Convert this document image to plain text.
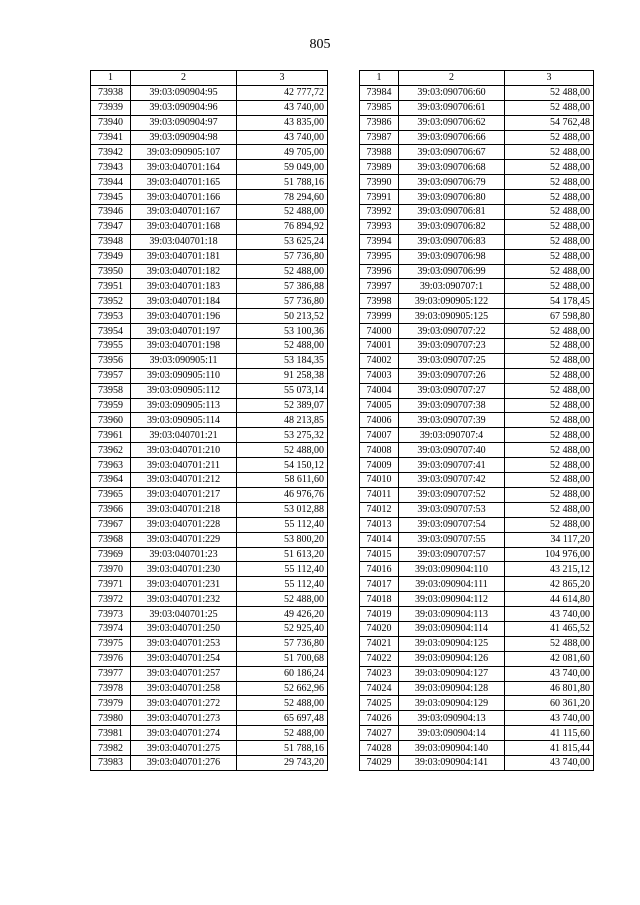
805
1	2	3
73938	39:03:090904:95	42 777,72
73939	39:03:090904:96	43 740,00
73940	39:03:090904:97	43 835,00
73941	39:03:090904:98	43 740,00
73942	39:03:090905:107	49 705,00
73943	39:03:040701:164	59 049,00
73944	39:03:040701:165	51 788,16
73945	39:03:040701:166	78 294,60
73946	39:03:040701:167	52 488,00
73947	39:03:040701:168	76 894,92
73948	39:03:040701:18	53 625,24
73949	39:03:040701:181	57 736,80
73950	39:03:040701:182	52 488,00
73951	39:03:040701:183	57 386,88
73952	39:03:040701:184	57 736,80
73953	39:03:040701:196	50 213,52
73954	39:03:040701:197	53 100,36
73955	39:03:040701:198	52 488,00
73956	39:03:090905:11	53 184,35
73957	39:03:090905:110	91 258,38
73958	39:03:090905:112	55 073,14
73959	39:03:090905:113	52 389,07
73960	39:03:090905:114	48 213,85
73961	39:03:040701:21	53 275,32
73962	39:03:040701:210	52 488,00
73963	39:03:040701:211	54 150,12
73964	39:03:040701:212	58 611,60
73965	39:03:040701:217	46 976,76
73966	39:03:040701:218	53 012,88
73967	39:03:040701:228	55 112,40
73968	39:03:040701:229	53 800,20
73969	39:03:040701:23	51 613,20
73970	39:03:040701:230	55 112,40
73971	39:03:040701:231	55 112,40
73972	39:03:040701:232	52 488,00
73973	39:03:040701:25	49 426,20
73974	39:03:040701:250	52 925,40
73975	39:03:040701:253	57 736,80
73976	39:03:040701:254	51 700,68
73977	39:03:040701:257	60 186,24
73978	39:03:040701:258	52 662,96
73979	39:03:040701:272	52 488,00
73980	39:03:040701:273	65 697,48
73981	39:03:040701:274	52 488,00
73982	39:03:040701:275	51 788,16
73983	39:03:040701:276	29 743,20
1	2	3
73984	39:03:090706:60	52 488,00
73985	39:03:090706:61	52 488,00
73986	39:03:090706:62	54 762,48
73987	39:03:090706:66	52 488,00
73988	39:03:090706:67	52 488,00
73989	39:03:090706:68	52 488,00
73990	39:03:090706:79	52 488,00
73991	39:03:090706:80	52 488,00
73992	39:03:090706:81	52 488,00
73993	39:03:090706:82	52 488,00
73994	39:03:090706:83	52 488,00
73995	39:03:090706:98	52 488,00
73996	39:03:090706:99	52 488,00
73997	39:03:090707:1	52 488,00
73998	39:03:090905:122	54 178,45
73999	39:03:090905:125	67 598,80
74000	39:03:090707:22	52 488,00
74001	39:03:090707:23	52 488,00
74002	39:03:090707:25	52 488,00
74003	39:03:090707:26	52 488,00
74004	39:03:090707:27	52 488,00
74005	39:03:090707:38	52 488,00
74006	39:03:090707:39	52 488,00
74007	39:03:090707:4	52 488,00
74008	39:03:090707:40	52 488,00
74009	39:03:090707:41	52 488,00
74010	39:03:090707:42	52 488,00
74011	39:03:090707:52	52 488,00
74012	39:03:090707:53	52 488,00
74013	39:03:090707:54	52 488,00
74014	39:03:090707:55	34 117,20
74015	39:03:090707:57	104 976,00
74016	39:03:090904:110	43 215,12
74017	39:03:090904:111	42 865,20
74018	39:03:090904:112	44 614,80
74019	39:03:090904:113	43 740,00
74020	39:03:090904:114	41 465,52
74021	39:03:090904:125	52 488,00
74022	39:03:090904:126	42 081,60
74023	39:03:090904:127	43 740,00
74024	39:03:090904:128	46 801,80
74025	39:03:090904:129	60 361,20
74026	39:03:090904:13	43 740,00
74027	39:03:090904:14	41 115,60
74028	39:03:090904:140	41 815,44
74029	39:03:090904:141	43 740,00
